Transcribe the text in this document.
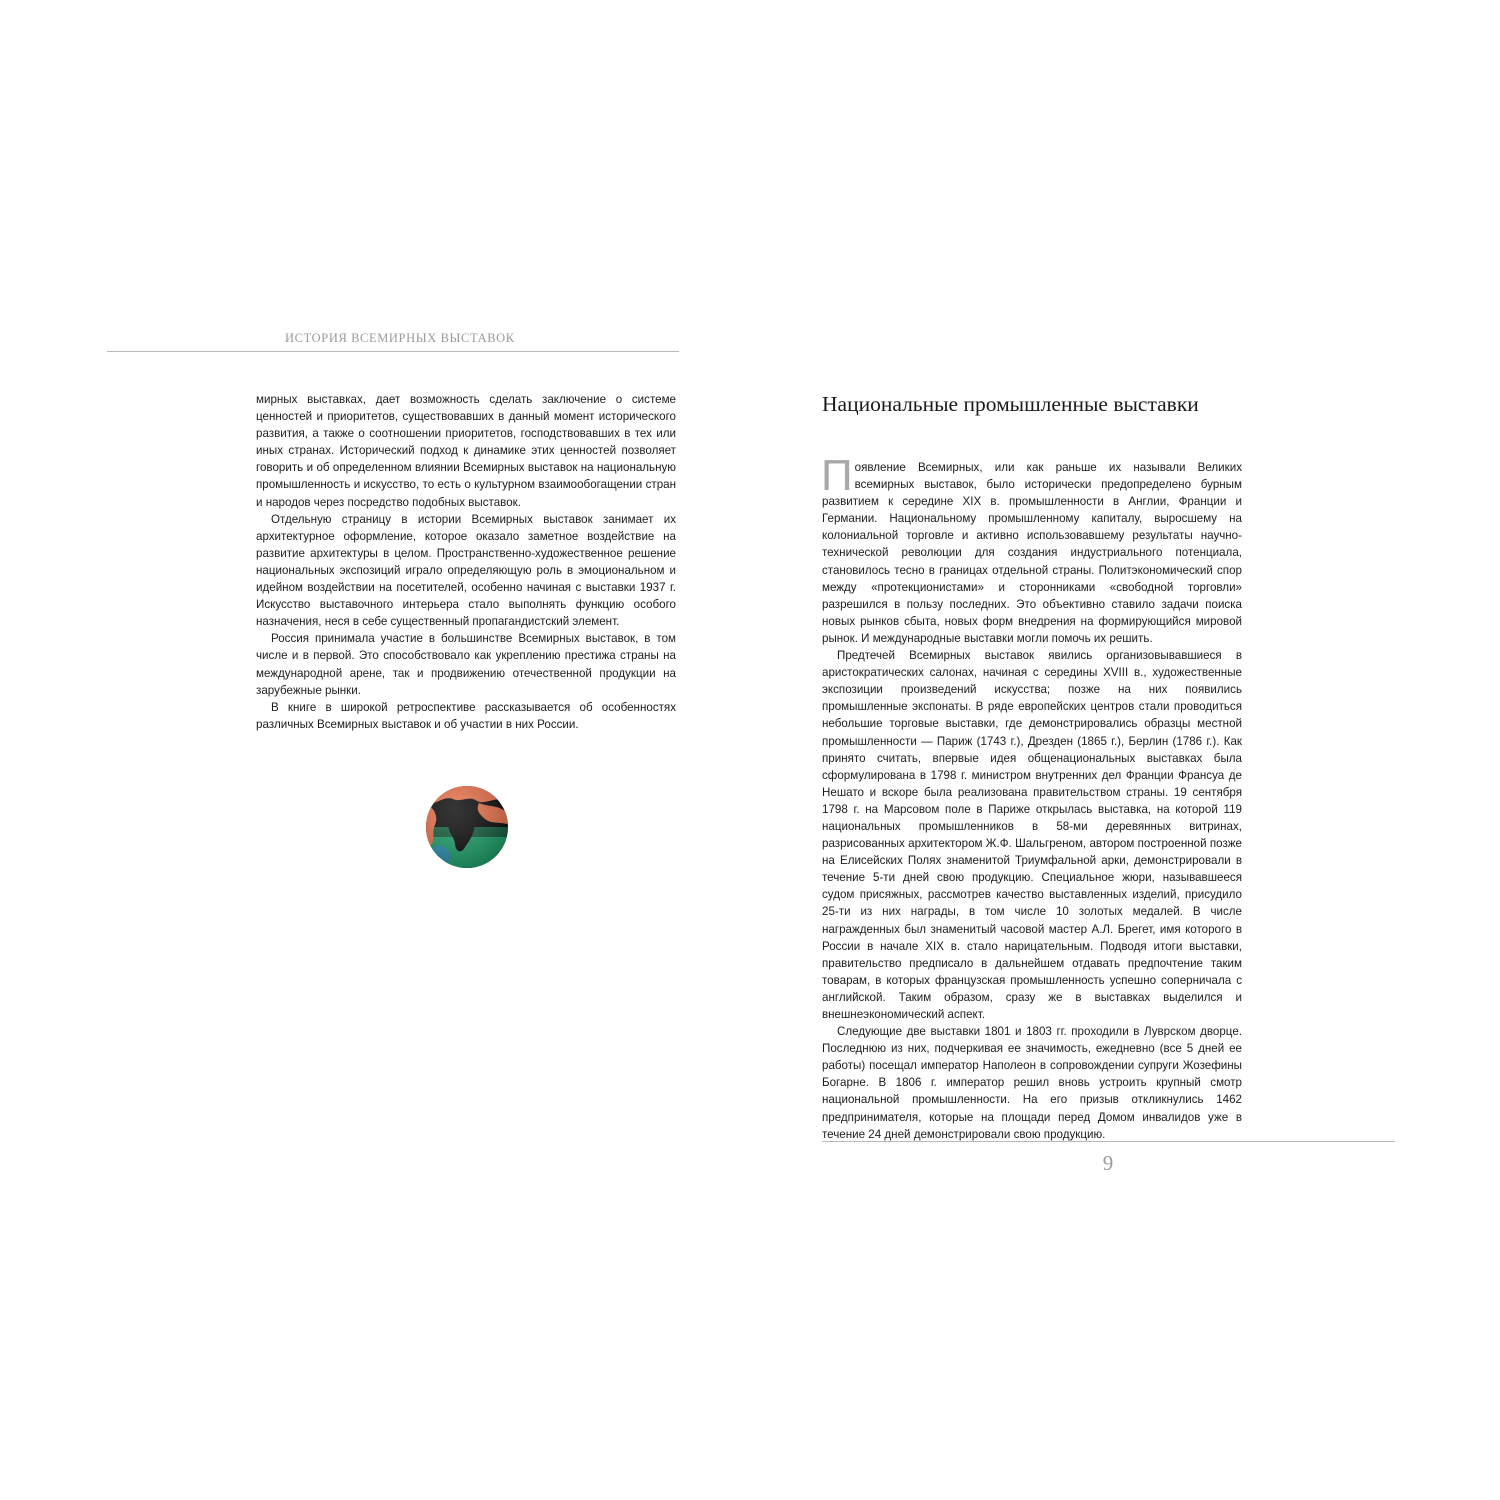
ИСТОРИЯ ВСЕМИРНЫХ ВЫСТАВОК

мирных выставках, дает возможность сделать заключение о системе ценностей и приоритетов, существовавших в данный момент исторического развития, а также о соотношении приоритетов, господствовавших в тех или иных странах. Исторический подход к динамике этих ценностей позволяет говорить и об определенном влиянии Всемирных выставок на национальную промышленность и искусство, то есть о культурном взаимообогащении стран и народов через посредство подобных выставок.

Отдельную страницу в истории Всемирных выставок занимает их архитектурное оформление, которое оказало заметное воздействие на развитие архитектуры в целом. Пространственно-художественное решение национальных экспозиций играло определяющую роль в эмоциональном и идейном воздействии на посетителей, особенно начиная с выставки 1937 г. Искусство выставочного интерьера стало выполнять функцию особого назначения, неся в себе существенный пропагандистский элемент.

Россия принимала участие в большинстве Всемирных выставок, в том числе и в первой. Это способствовало как укреплению престижа страны на международной арене, так и продвижению отечественной продукции на зарубежные рынки.

В книге в широкой ретроспективе рассказывается об особенностях различных Всемирных выставок и об участии в них России.

Национальные промышленные выставки

Появление Всемирных, или как раньше их называли Великих всемирных выставок, было исторически предопределено бурным развитием к середине XIX в. промышленности в Англии, Франции и Германии. Национальному промышленному капиталу, выросшему на колониальной торговле и активно использовавшему результаты научно-технической революции для создания индустриального потенциала, становилось тесно в границах отдельной страны. Политэкономический спор между «протекционистами» и сторонниками «свободной торговли» разрешился в пользу последних. Это объективно ставило задачи поиска новых рынков сбыта, новых форм внедрения на формирующийся мировой рынок. И международные выставки могли помочь их решить.

Предтечей Всемирных выставок явились организовывавшиеся в аристократических салонах, начиная с середины XVIII в., художественные экспозиции произведений искусства; позже на них появились промышленные экспонаты. В ряде европейских центров стали проводиться небольшие торговые выставки, где демонстрировались образцы местной промышленности — Париж (1743 г.), Дрезден (1865 г.), Берлин (1786 г.). Как принято считать, впервые идея общенациональных выставках была сформулирована в 1798 г. министром внутренних дел Франции Франсуа де Нешато и вскоре была реализована правительством страны. 19 сентября 1798 г. на Марсовом поле в Париже открылась выставка, на которой 119 национальных промышленников в 58-ми деревянных витринах, разрисованных архитектором Ж.Ф. Шальгреном, автором построенной позже на Елисейских Полях знаменитой Триумфальной арки, демонстрировали в течение 5-ти дней свою продукцию. Специальное жюри, называвшееся судом присяжных, рассмотрев качество выставленных изделий, присудило 25-ти из них награды, в том числе 10 золотых медалей. В числе награжденных был знаменитый часовой мастер А.Л. Брегет, имя которого в России в начале XIX в. стало нарицательным. Подводя итоги выставки, правительство предписало в дальнейшем отдавать предпочтение таким товарам, в которых французская промышленность успешно соперничала с английской. Таким образом, сразу же в выставках выделился и внешнеэкономический аспект.

Следующие две выставки 1801 и 1803 гг. проходили в Луврском дворце. Последнюю из них, подчеркивая ее значимость, ежедневно (все 5 дней ее работы) посещал император Наполеон в сопровождении супруги Жозефины Богарне. В 1806 г. император решил вновь устроить крупный смотр национальной промышленности. На его призыв откликнулись 1462 предпринимателя, которые на площади перед Домом инвалидов уже в течение 24 дней демонстрировали свою продукцию.

9
